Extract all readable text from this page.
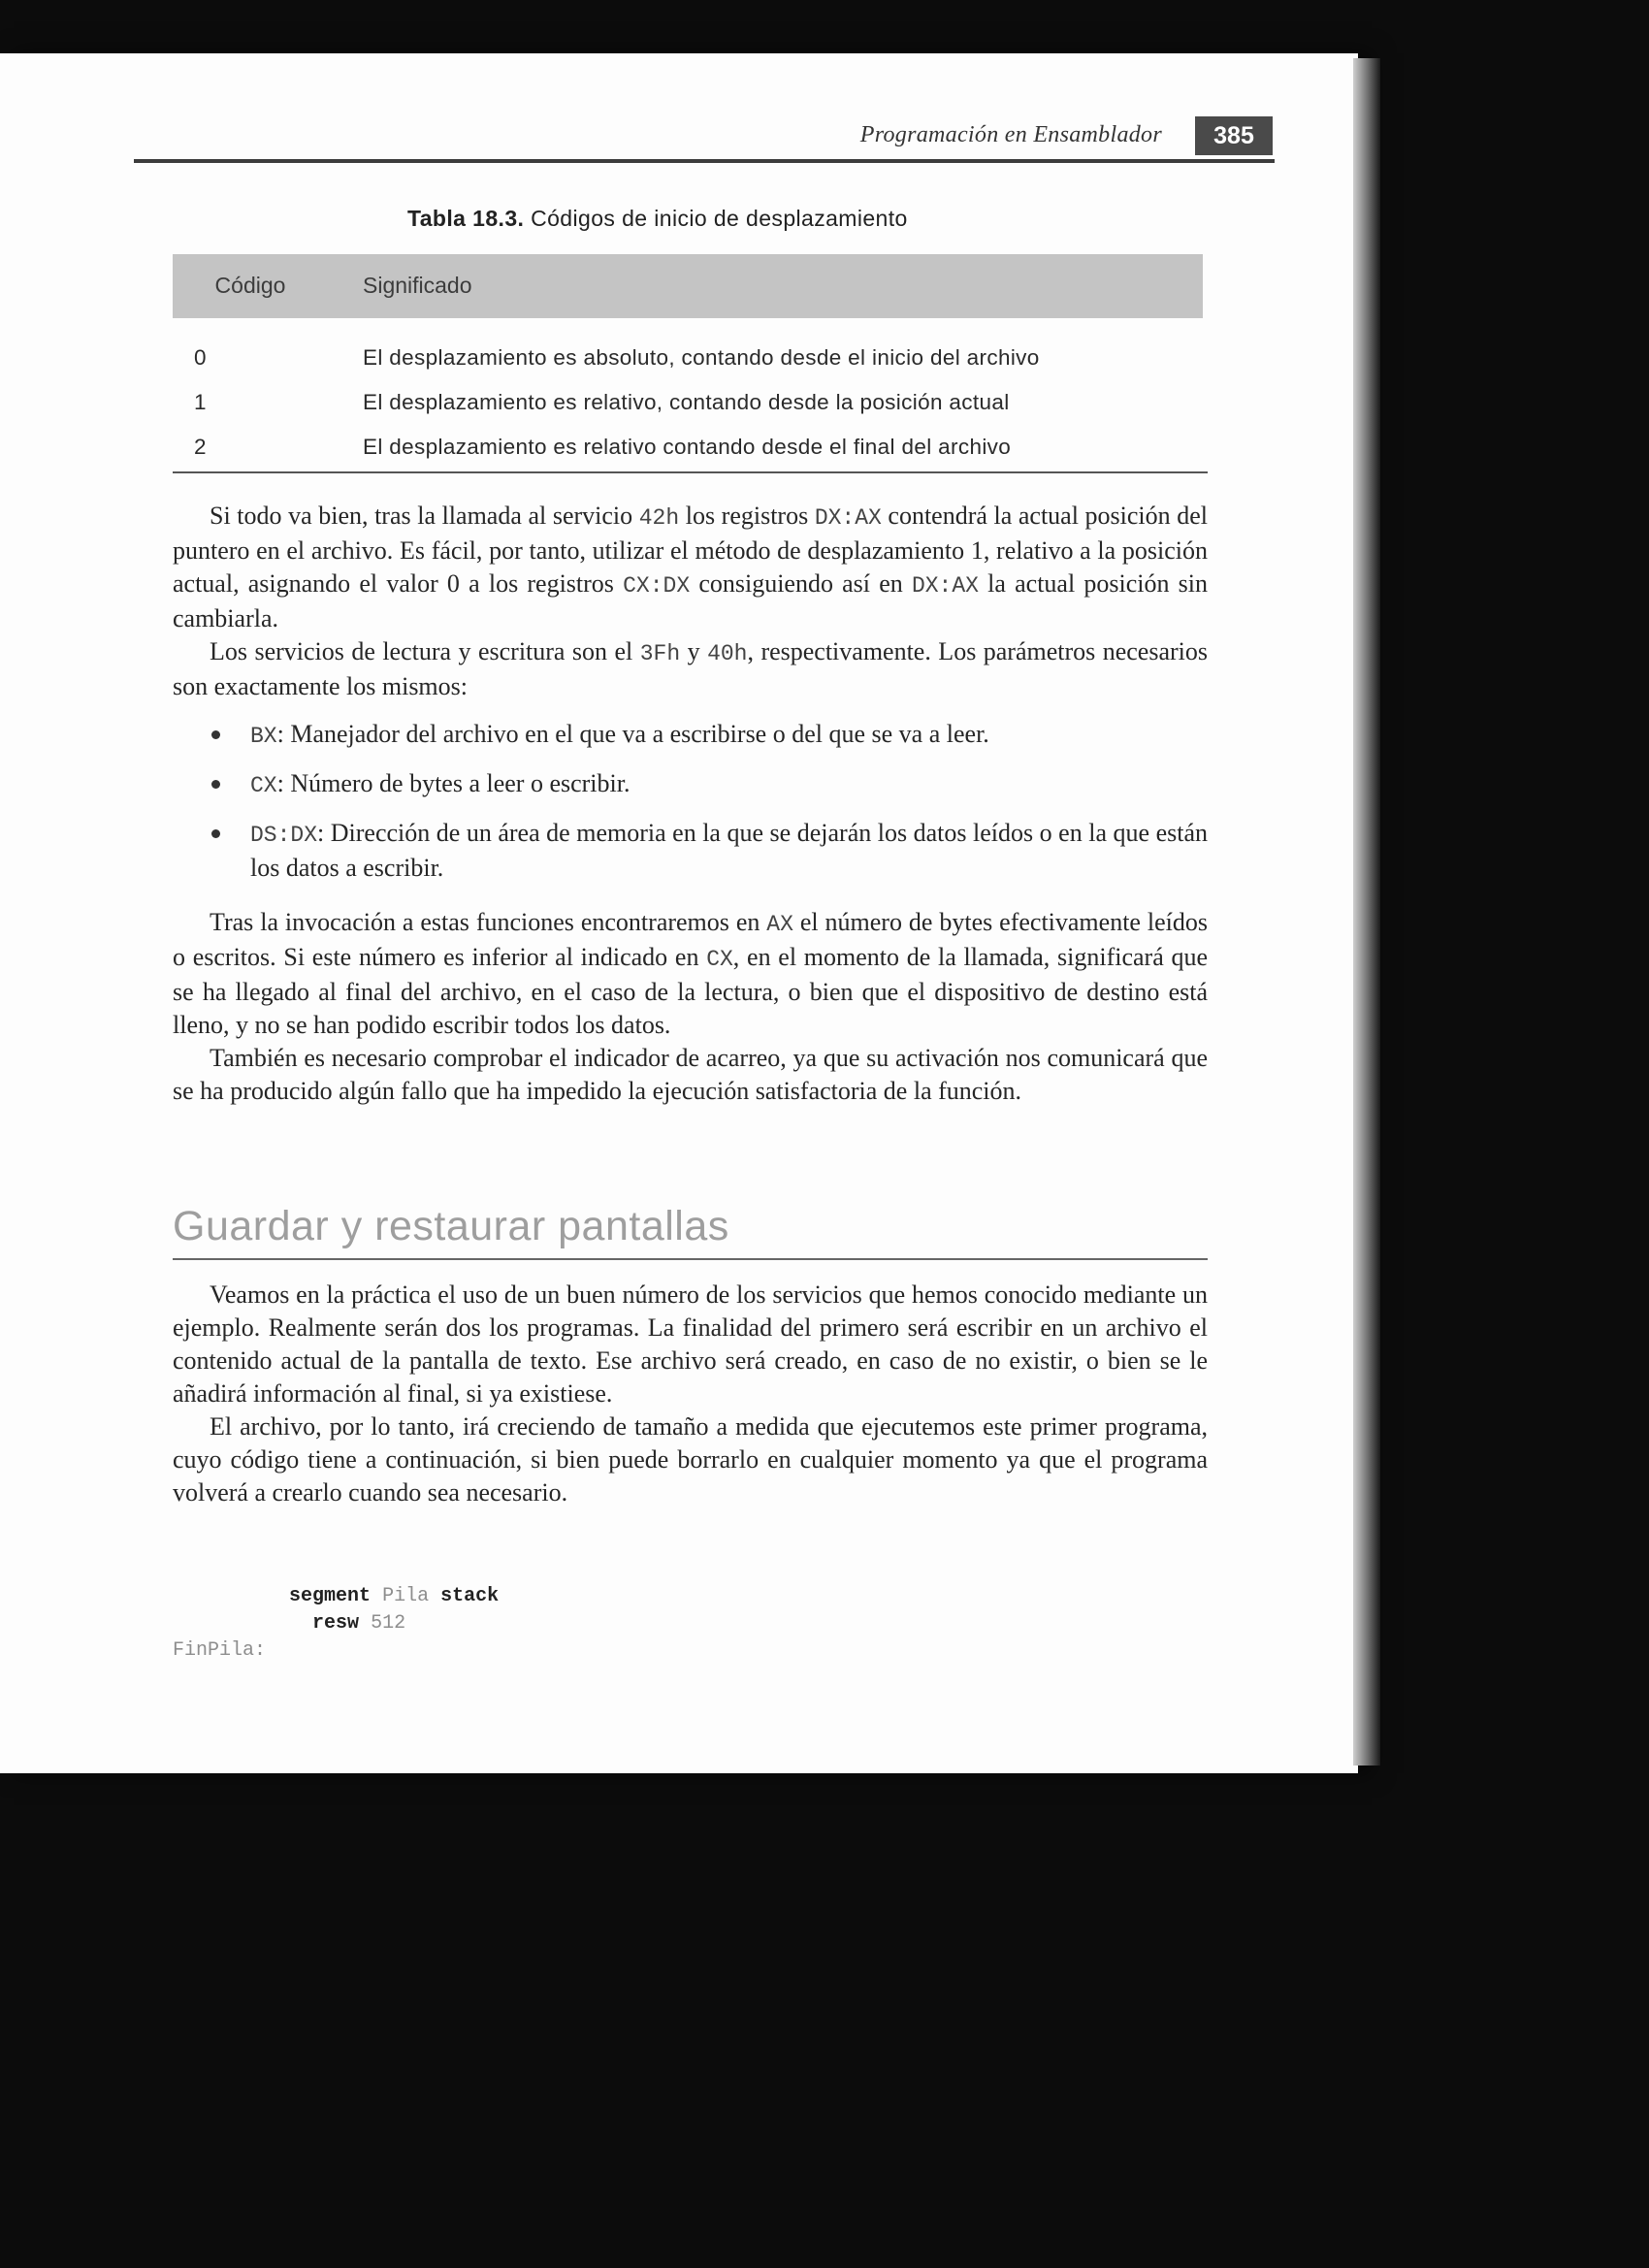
Programación en Ensamblador	385
Tabla 18.3. Códigos de inicio de desplazamiento
Código	Significado
0	El desplazamiento es absoluto, contando desde el inicio del archivo
1	El desplazamiento es relativo, contando desde la posición actual
2	El desplazamiento es relativo contando desde el final del archivo

Si todo va bien, tras la llamada al servicio 42h los registros DX:AX contendrá la actual posición del puntero en el archivo. Es fácil, por tanto, utilizar el método de desplazamiento 1, relativo a la posición actual, asignando el valor 0 a los registros CX:DX consiguiendo así en DX:AX la actual posición sin cambiarla.

Los servicios de lectura y escritura son el 3Fh y 40h, respectivamente. Los parámetros necesarios son exactamente los mismos:

BX: Manejador del archivo en el que va a escribirse o del que se va a leer.
CX: Número de bytes a leer o escribir.
DS:DX: Dirección de un área de memoria en la que se dejarán los datos leídos o en la que están los datos a escribir.

Tras la invocación a estas funciones encontraremos en AX el número de bytes efectivamente leídos o escritos. Si este número es inferior al indicado en CX, en el momento de la llamada, significará que se ha llegado al final del archivo, en el caso de la lectura, o bien que el dispositivo de destino está lleno, y no se han podido escribir todos los datos.

También es necesario comprobar el indicador de acarreo, ya que su activación nos comunicará que se ha producido algún fallo que ha impedido la ejecución satisfactoria de la función.

Guardar y restaurar pantallas

Veamos en la práctica el uso de un buen número de los servicios que hemos conocido mediante un ejemplo. Realmente serán dos los programas. La finalidad del primero será escribir en un archivo el contenido actual de la pantalla de texto. Ese archivo será creado, en caso de no existir, o bien se le añadirá información al final, si ya existiese.

El archivo, por lo tanto, irá creciendo de tamaño a medida que ejecutemos este primer programa, cuyo código tiene a continuación, si bien puede borrarlo en cualquier momento ya que el programa volverá a crearlo cuando sea necesario.

segment Pila stack
resw 512
FinPila:
